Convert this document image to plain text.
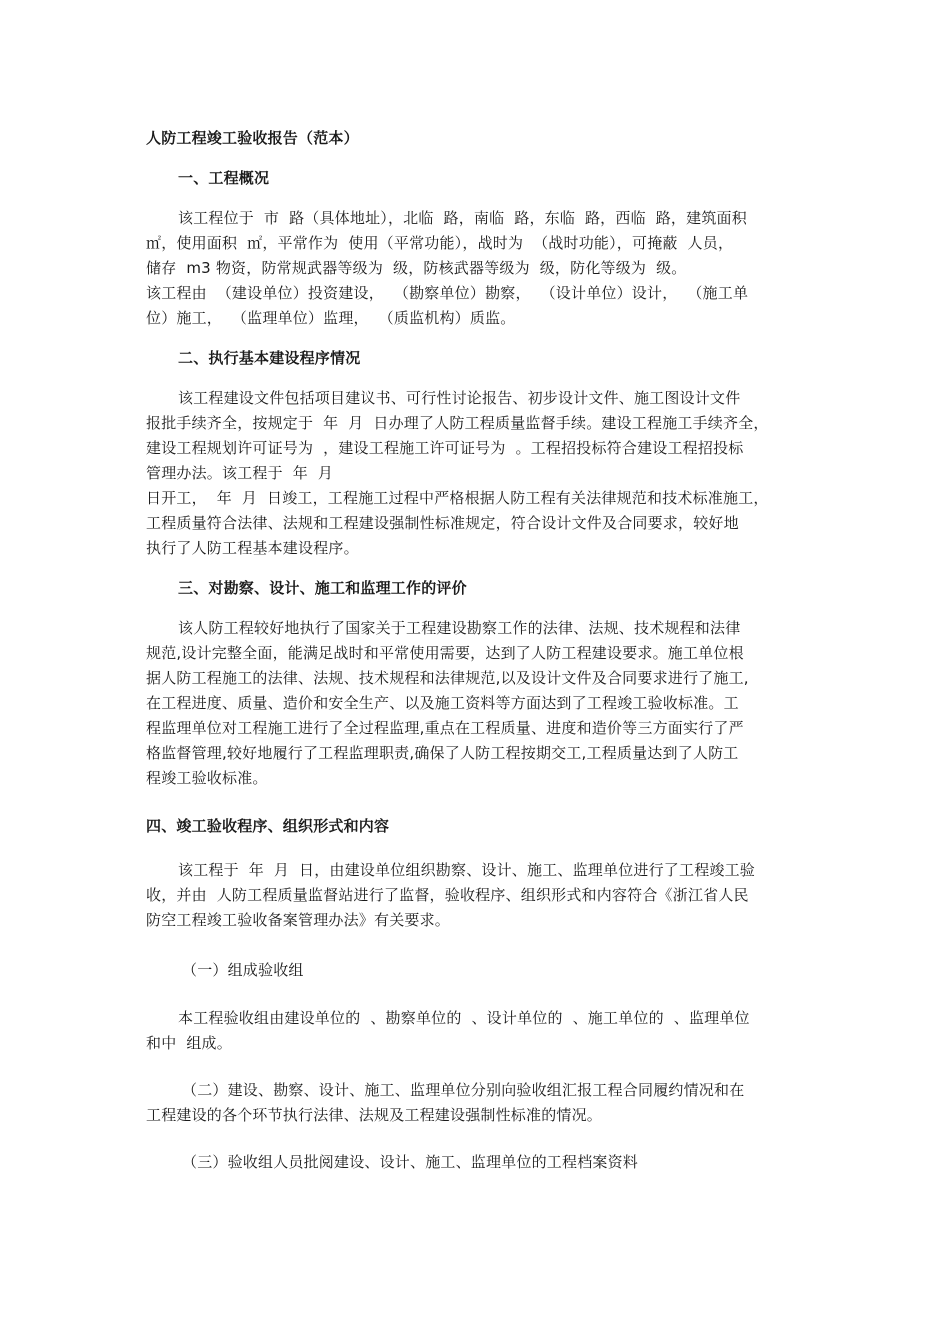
人防工程竣工验收报告（范本）
一、工程概况
该工程位于  市  路（具体地址），北临  路，南临  路，东临  路，西临  路，建筑面积
㎡，使用面积  ㎡，平常作为  使用（平常功能），战时为  （战时功能），可掩蔽  人员，
储存  m3 物资，防常规武器等级为  级，防核武器等级为  级，防化等级为  级。
该工程由  （建设单位）投资建设，  （勘察单位）勘察，  （设计单位）设计，  （施工单
位）施工，  （监理单位）监理，  （质监机构）质监。
二、执行基本建设程序情况
该工程建设文件包括项目建议书、可行性讨论报告、初步设计文件、施工图设计文件
报批手续齐全，按规定于  年  月  日办理了人防工程质量监督手续。建设工程施工手续齐全，
建设工程规划许可证号为  ，建设工程施工许可证号为  。工程招投标符合建设工程招投标
管理办法。该工程于  年  月
日开工，  年  月  日竣工，工程施工过程中严格根据人防工程有关法律规范和技术标准施工，
工程质量符合法律、法规和工程建设强制性标准规定，符合设计文件及合同要求，较好地
执行了人防工程基本建设程序。
三、对勘察、设计、施工和监理工作的评价
该人防工程较好地执行了国家关于工程建设勘察工作的法律、法规、技术规程和法律
规范,设计完整全面，能满足战时和平常使用需要，达到了人防工程建设要求。施工单位根
据人防工程施工的法律、法规、技术规程和法律规范,以及设计文件及合同要求进行了施工,
在工程进度、质量、造价和安全生产、以及施工资料等方面达到了工程竣工验收标准。工
程监理单位对工程施工进行了全过程监理,重点在工程质量、进度和造价等三方面实行了严
格监督管理,较好地履行了工程监理职责,确保了人防工程按期交工,工程质量达到了人防工
程竣工验收标准。
四、竣工验收程序、组织形式和内容
该工程于  年  月  日，由建设单位组织勘察、设计、施工、监理单位进行了工程竣工验
收，并由  人防工程质量监督站进行了监督，验收程序、组织形式和内容符合《浙江省人民
防空工程竣工验收备案管理办法》有关要求。
（一）组成验收组
本工程验收组由建设单位的  、勘察单位的  、设计单位的  、施工单位的  、监理单位
和中  组成。
（二）建设、勘察、设计、施工、监理单位分别向验收组汇报工程合同履约情况和在
工程建设的各个环节执行法律、法规及工程建设强制性标准的情况。
（三）验收组人员批阅建设、设计、施工、监理单位的工程档案资料
